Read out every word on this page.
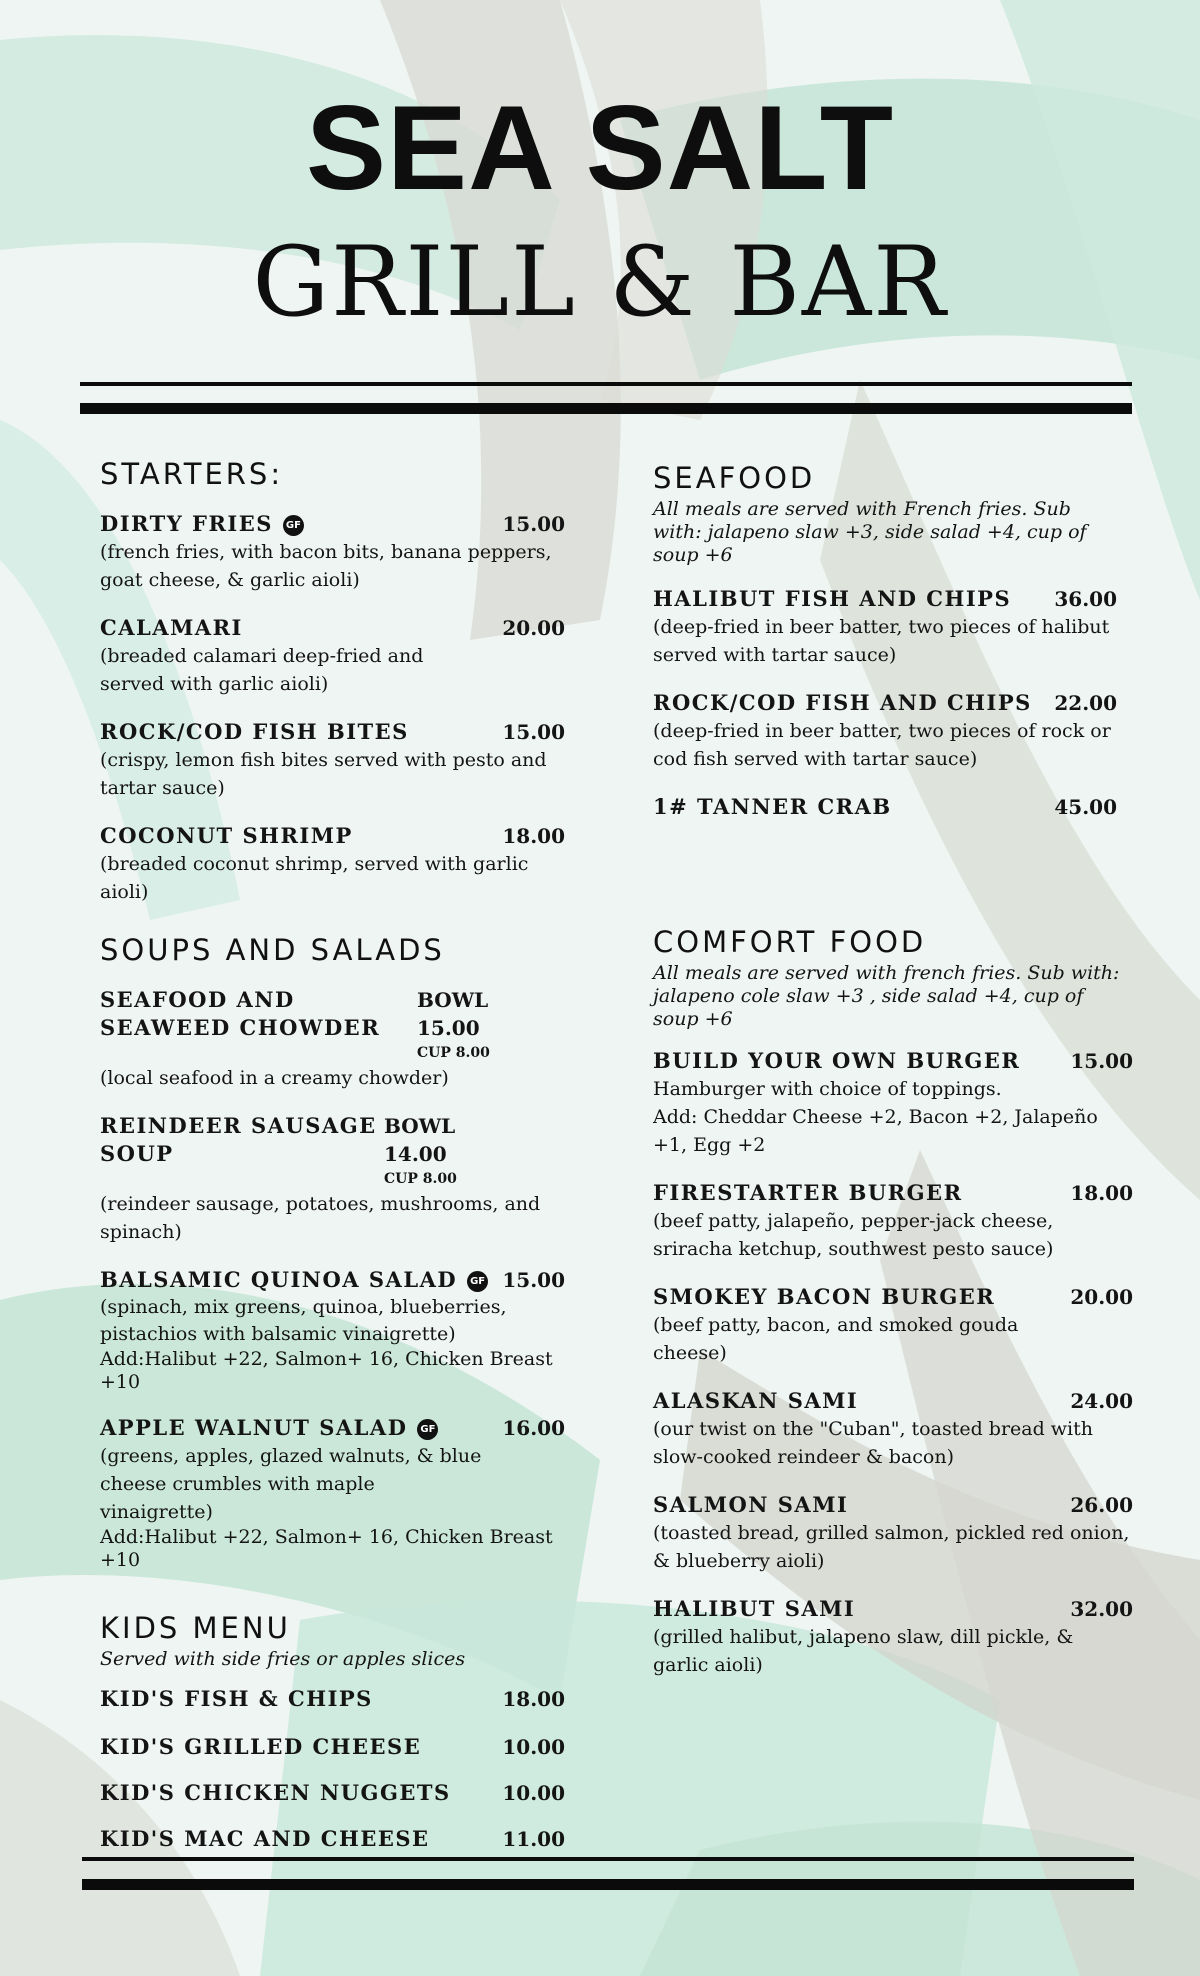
SEA SALT
GRILL & BAR
STARTERS:
DIRTY FRIES GF	15.00

(french fries, with bacon bits, banana peppers, goat cheese, & garlic aioli)

CALAMARI	20.00

(breaded calamari deep-fried and served with garlic aioli)

ROCK/COD FISH BITES	15.00

(crispy, lemon fish bites served with pesto and tartar sauce)

COCONUT SHRIMP	18.00

(breaded coconut shrimp, served with garlic aioli)

SOUPS AND SALADS
SEAFOOD AND
SEAWEED CHOWDER
BOWL 15.00
CUP 8.00

(local seafood in a creamy chowder)

REINDEER SAUSAGE
SOUP
BOWL 14.00
CUP 8.00

(reindeer sausage, potatoes, mushrooms, and spinach)

BALSAMIC QUINOA SALAD GF 15.00

(spinach, mix greens, quinoa, blueberries, pistachios with balsamic vinaigrette)

Add:Halibut +22, Salmon+ 16, Chicken Breast +10

APPLE WALNUT SALAD GF	16.00

(greens, apples, glazed walnuts, & blue cheese crumbles with maple vinaigrette)

Add:Halibut +22, Salmon+ 16, Chicken Breast +10

KIDS MENU

Served with side fries or apples slices

KID'S FISH & CHIPS	18.00
KID'S GRILLED CHEESE	10.00
KID'S CHICKEN NUGGETS	10.00
KID'S MAC AND CHEESE	11.00
SEAFOOD

All meals are served with French fries. Sub with: jalapeno slaw +3, side salad +4, cup of soup +6

HALIBUT FISH AND CHIPS 36.00

(deep-fried in beer batter, two pieces of halibut served with tartar sauce)

ROCK/COD FISH AND CHIPS 22.00

(deep-fried in beer batter, two pieces of rock or cod fish served with tartar sauce)

1# TANNER CRAB	45.00
COMFORT FOOD

All meals are served with french fries. Sub with: jalapeno cole slaw +3 , side salad +4, cup of soup +6

BUILD YOUR OWN BURGER	15.00

Hamburger with choice of toppings.

Add: Cheddar Cheese +2, Bacon +2, Jalapeño +1, Egg +2

FIRESTARTER BURGER	18.00

(beef patty, jalapeño, pepper-jack cheese, sriracha ketchup, southwest pesto sauce)

SMOKEY BACON BURGER	20.00

(beef patty, bacon, and smoked gouda cheese)

ALASKAN SAMI	24.00

(our twist on the "Cuban", toasted bread with slow-cooked reindeer & bacon)

SALMON SAMI	26.00

(toasted bread, grilled salmon, pickled red onion, & blueberry aioli)

HALIBUT SAMI	32.00

(grilled halibut, jalapeno slaw, dill pickle, & garlic aioli)
